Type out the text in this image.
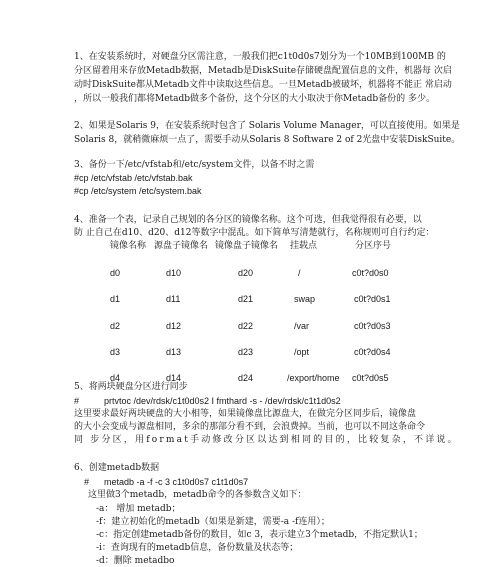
1、在安装系统时，对硬盘分区需注意，一般我们把c1t0d0s7划分为一个10MB到100MB 的
分区留着用来存放Metadb数据，Metadb是DiskSuite存储硬盘配置信息的文件，机器每 次启
动时DiskSuite都从Metadb文件中读取这些信息。一旦Metadb被破坏，机器将不能正 常启动
，所以一般我们都将Metadb做多个备份，这个分区的大小取决于你Metadb备份的 多少。
2、如果是Solaris 9，在安装系统时包含了 Solaris Volume Manager，可以直接使用。如果是
Solaris 8，就稍微麻烦一点了，需要手动从Solaris 8 Software 2 of 2光盘中安装DiskSuite。
3、备份一下/etc/vfstab和/etc/system文件，以备不时之需
#cp /etc/vfstab /etc/vfstab.bak
#cp /etc/system /etc/system.bak
4、准备一个表，记录自己规划的各分区的镜像名称。这个可选，但我觉得很有必要，以
防 止自己在d10、d20、d12等数字中混乱。如下简单写清楚就行，名称规则可自行约定：
镜像名称 源盘子镜像名 镜像盘子镜像名 挂载点	分区序号
d0	d10	d20	/	c0t?d0s0
d1	d11	d21	swap	c0t?d0s1
d2	d12	d22	/var	c0t?d0s3
d3	d13	d23	/opt	c0t?d0s4
d4	d14	d24	/export/home c0t?d0s5
5、将两块硬盘分区进行同步
#	prtvtoc /dev/rdsk/c1t0d0s2 I fmthard -s - /dev/rdsk/c1t1d0s2
这里要求最好两块硬盘的大小相等，如果镜像盘比源盘大，在做完分区同步后，镜像盘
的大小会变成与源盘相同，多余的那部分看不到，会浪费掉。当前，也可以不同这条命令
同 步分区，用format手动修改分区以达到相同的目的，比较复杂，不详说。
6、创建metadb数据
# metadb -a -f -c 3 c1t0d0s7 c1t1d0s7
这里做3个metadb，metadb命令的各参数含义如下：
-a： 增加 metadb；
-f：建立初始化的metadb（如果是新建，需要-a -f连用）；
-c：指定创建metadb备份的数目，如c 3，表示建立3个metadb，不指定默认1；
-i：查询现有的metadb信息，备份数量及状态等；
-d：删除 metadbo
